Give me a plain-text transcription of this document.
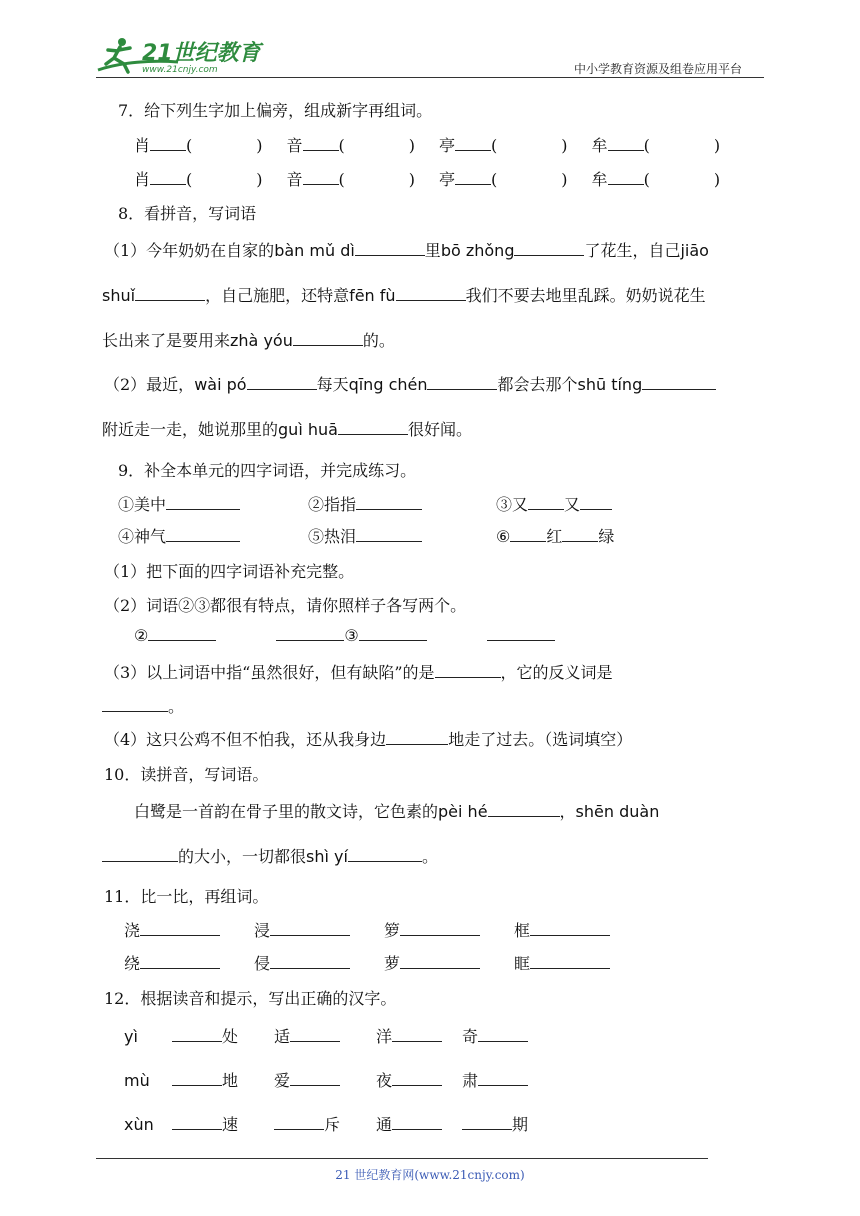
21世纪教育
www.21cnjy.com	中小学教育资源及组卷应用平台
7．给下列生字加上偏旁，组成新字再组词。
肖 (	) 音 (	) 亭 (	) 牟 (	)
肖 (	) 音 (	) 亭 (	) 牟 (	)
8．看拼音，写词语
（1）今年奶奶在自家的bàn mǔ dì	里bō zhǒng	了花生，自己jiāo
shuǐ	，自己施肥，还特意fēn fù	我们不要去地里乱踩。奶奶说花生
长出来了是要用来zhà yóu	的。
（2）最近，wài pó	每天qīng chén	都会去那个shū tíng
附近走一走，她说那里的guì huā	很好闻。
9．补全本单元的四字词语，并完成练习。
①美中	②指指	③又 又
④神气	⑤热泪	⑥ 红 绿
（1）把下面的四字词语补充完整。
（2）词语②③都很有特点，请你照样子各写两个。
②	③
（3）以上词语中指“虽然很好，但有缺陷”的是	，它的反义词是
。
（4）这只公鸡不但不怕我，还从我身边	地走了过去。（选词填空）
10．读拼音，写词语。
白鹭是一首韵在骨子里的散文诗，它色素的pèi hé	，shēn duàn
的大小，一切都很shì yí	。
11．比一比，再组词。
浇	浸	箩	框
绕	侵	萝	眶
12．根据读音和提示，写出正确的汉字。
yì	处 适	洋	奇
mù	地 爱	夜	肃
xùn	速	斥 通	期
21 世纪教育网(www.21cnjy.com)
